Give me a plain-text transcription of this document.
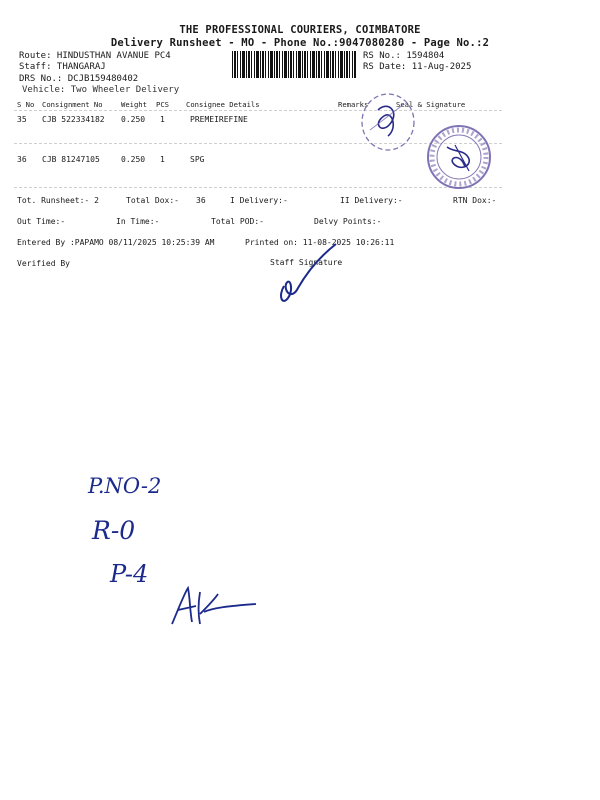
THE PROFESSIONAL COURIERS, COIMBATORE
Delivery Runsheet - MO - Phone No.:9047080280 - Page No.:2
Route: HINDUSTHAN AVANUE PC4
Staff: THANGARAJ
DRS No.: DCJB159480402
Vehicle: Two Wheeler Delivery
RS No.: 1594804
RS Date: 11-Aug-2025
S No Consignment No	Weight PCS Consignee Details	Remarks	Seal & Signature
35 CJB 522334182 0.250 1	PREMEIREFINE
36 CJB 81247105	0.250 1	SPG
Tot. Runsheet:- 2	Total Dox:- 36	I Delivery:-	II Delivery:-	RTN Dox:-
Out Time:-	In Time:-	Total POD:-	Delvy Points:-
Entered By :PAPAMO 08/11/2025 10:25:39 AM	Printed on: 11-08-2025 10:26:11
Verified By	Staff Signature
P.NO-2
R-0
P-4
